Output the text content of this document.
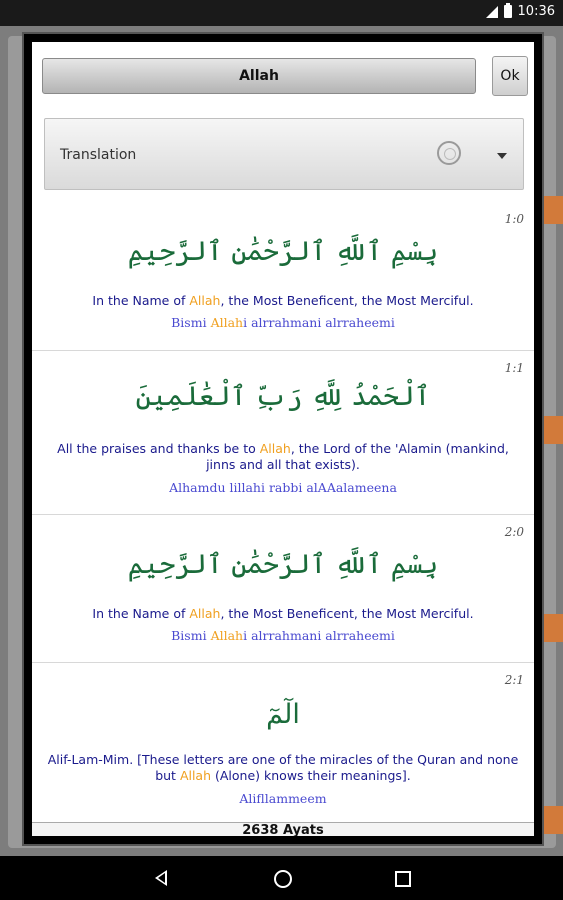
10:36
Allah	Ok
Translation
1:0
بِسْمِ ٱللَّهِ ٱلرَّحْمَٰنِ ٱلرَّحِيمِ
In the Name of Allah, the Most Beneficent, the Most Merciful.
Bismi Allahi alrrahmani alrraheemi
1:1
ٱلْحَمْدُ لِلَّهِ رَبِّ ٱلْعَٰلَمِينَ
All the praises and thanks be to Allah, the Lord of the 'Alamin (mankind, jinns and all that exists).
Alhamdu lillahi rabbi alAAalameena
2:0
بِسْمِ ٱللَّهِ ٱلرَّحْمَٰنِ ٱلرَّحِيمِ
In the Name of Allah, the Most Beneficent, the Most Merciful.
Bismi Allahi alrrahmani alrraheemi
2:1
الٓمٓ
Alif-Lam-Mim. [These letters are one of the miracles of the Quran and none but Allah (Alone) knows their meanings].
Alifllammeem
2638 Ayats
